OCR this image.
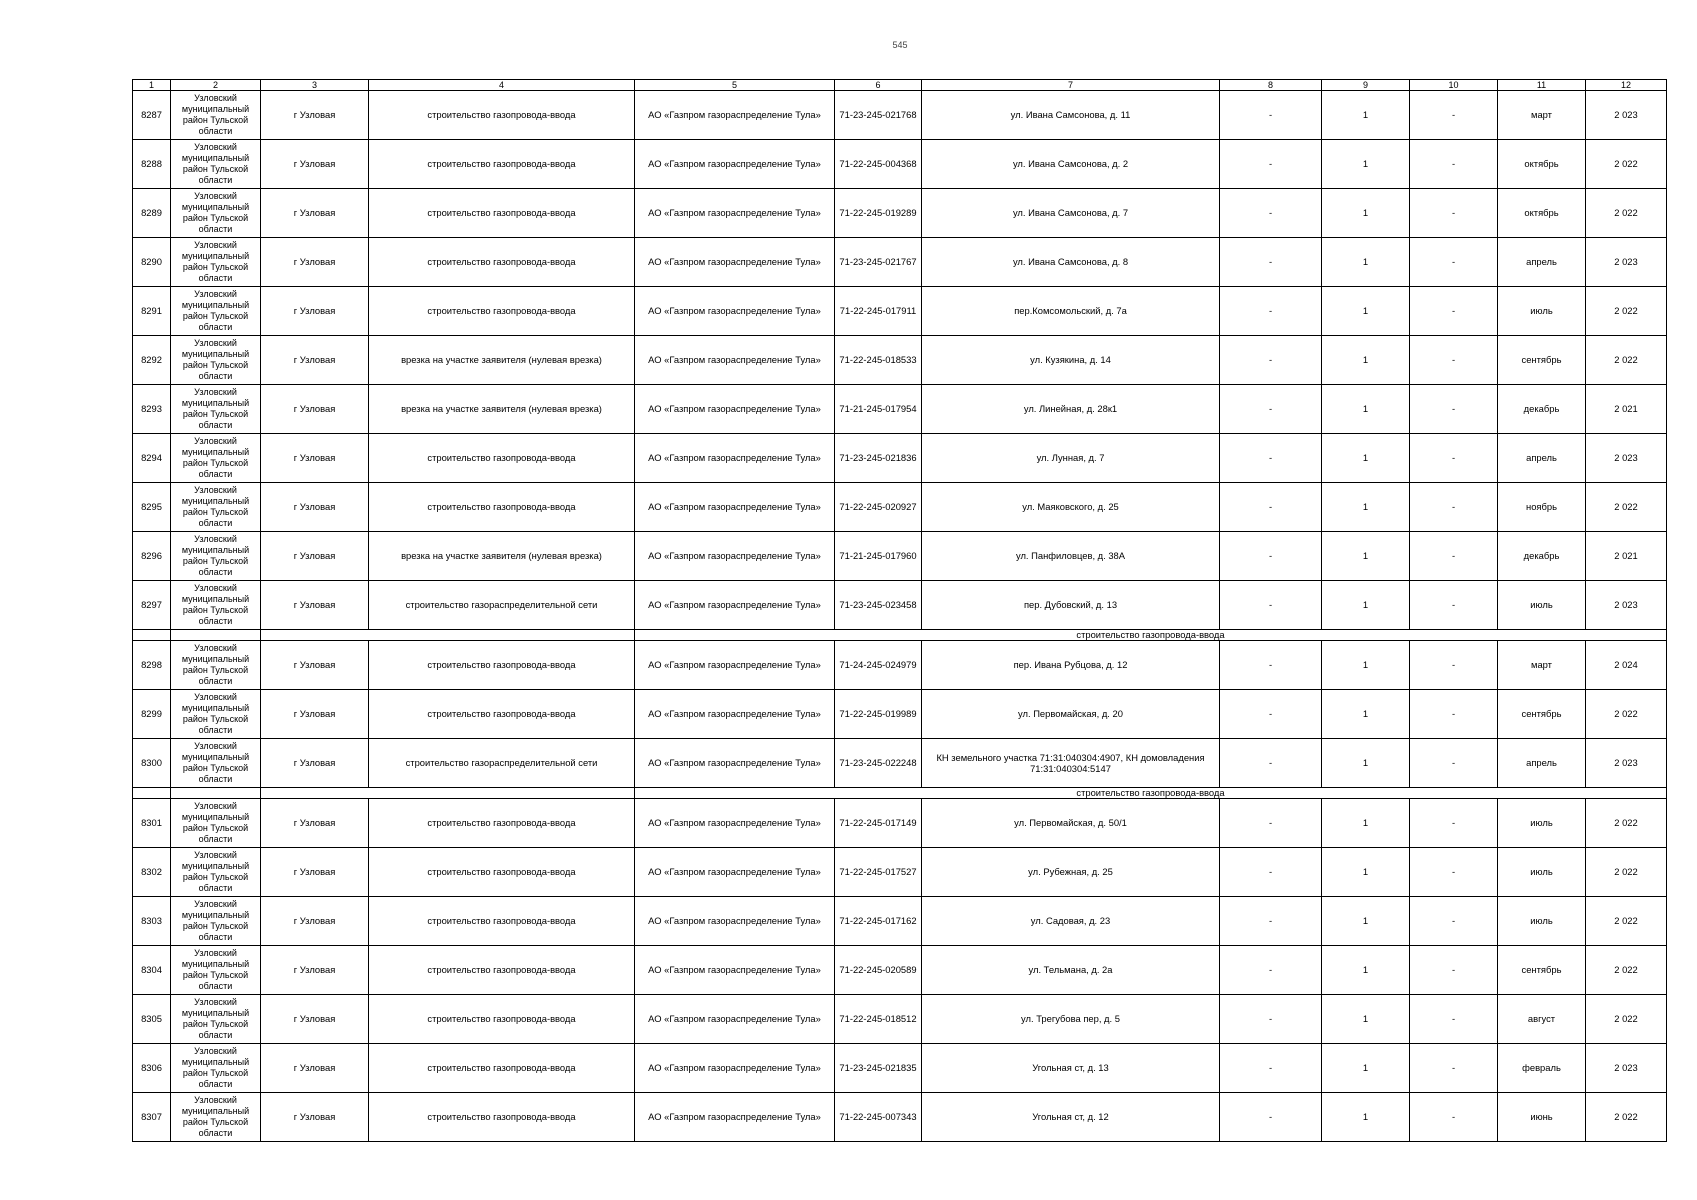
545
1	2	3	4	5	6	7	8	9	10	11	12
8287	Узловский муниципальный район Тульской области	г Узловая	строительство газопровода-ввода	АО «Газпром газораспределение Тула»	71-23-245-021768	ул. Ивана Самсонова, д. 11	-	1	-	март	2 023
8288	Узловский муниципальный район Тульской области	г Узловая	строительство газопровода-ввода	АО «Газпром газораспределение Тула»	71-22-245-004368	ул. Ивана Самсонова, д. 2	-	1	-	октябрь	2 022
8289	Узловский муниципальный район Тульской области	г Узловая	строительство газопровода-ввода	АО «Газпром газораспределение Тула»	71-22-245-019289	ул. Ивана Самсонова, д. 7	-	1	-	октябрь	2 022
8290	Узловский муниципальный район Тульской области	г Узловая	строительство газопровода-ввода	АО «Газпром газораспределение Тула»	71-23-245-021767	ул. Ивана Самсонова, д. 8	-	1	-	апрель	2 023
8291	Узловский муниципальный район Тульской области	г Узловая	строительство газопровода-ввода	АО «Газпром газораспределение Тула»	71-22-245-017911	пер.Комсомольский, д. 7а	-	1	-	июль	2 022
8292	Узловский муниципальный район Тульской области	г Узловая	врезка на участке заявителя (нулевая врезка)	АО «Газпром газораспределение Тула»	71-22-245-018533	ул. Кузякина, д. 14	-	1	-	сентябрь	2 022
8293	Узловский муниципальный район Тульской области	г Узловая	врезка на участке заявителя (нулевая врезка)	АО «Газпром газораспределение Тула»	71-21-245-017954	ул. Линейная, д. 28к1	-	1	-	декабрь	2 021
8294	Узловский муниципальный район Тульской области	г Узловая	строительство газопровода-ввода	АО «Газпром газораспределение Тула»	71-23-245-021836	ул. Лунная, д. 7	-	1	-	апрель	2 023
8295	Узловский муниципальный район Тульской области	г Узловая	строительство газопровода-ввода	АО «Газпром газораспределение Тула»	71-22-245-020927	ул. Маяковского, д. 25	-	1	-	ноябрь	2 022
8296	Узловский муниципальный район Тульской области	г Узловая	врезка на участке заявителя (нулевая врезка)	АО «Газпром газораспределение Тула»	71-21-245-017960	ул. Панфиловцев, д. 38А	-	1	-	декабрь	2 021
8297	Узловский муниципальный район Тульской области	г Узловая	строительство газораспределительной сети	АО «Газпром газораспределение Тула»	71-23-245-023458	пер. Дубовский, д. 13	-	1	-	июль	2 023
				строительство газопровода-ввода							
8298	Узловский муниципальный район Тульской области	г Узловая	строительство газопровода-ввода	АО «Газпром газораспределение Тула»	71-24-245-024979	пер. Ивана Рубцова, д. 12	-	1	-	март	2 024
8299	Узловский муниципальный район Тульской области	г Узловая	строительство газопровода-ввода	АО «Газпром газораспределение Тула»	71-22-245-019989	ул. Первомайская, д. 20	-	1	-	сентябрь	2 022
8300	Узловский муниципальный район Тульской области	г Узловая	строительство газораспределительной сети	АО «Газпром газораспределение Тула»	71-23-245-022248	КН земельного участка 71:31:040304:4907, КН домовладения 71:31:040304:5147	-	1	-	апрель	2 023
				строительство газопровода-ввода							
8301	Узловский муниципальный район Тульской области	г Узловая	строительство газопровода-ввода	АО «Газпром газораспределение Тула»	71-22-245-017149	ул. Первомайская, д. 50/1	-	1	-	июль	2 022
8302	Узловский муниципальный район Тульской области	г Узловая	строительство газопровода-ввода	АО «Газпром газораспределение Тула»	71-22-245-017527	ул. Рубежная, д. 25	-	1	-	июль	2 022
8303	Узловский муниципальный район Тульской области	г Узловая	строительство газопровода-ввода	АО «Газпром газораспределение Тула»	71-22-245-017162	ул. Садовая, д. 23	-	1	-	июль	2 022
8304	Узловский муниципальный район Тульской области	г Узловая	строительство газопровода-ввода	АО «Газпром газораспределение Тула»	71-22-245-020589	ул. Тельмана, д. 2а	-	1	-	сентябрь	2 022
8305	Узловский муниципальный район Тульской области	г Узловая	строительство газопровода-ввода	АО «Газпром газораспределение Тула»	71-22-245-018512	ул. Трегубова пер, д. 5	-	1	-	август	2 022
8306	Узловский муниципальный район Тульской области	г Узловая	строительство газопровода-ввода	АО «Газпром газораспределение Тула»	71-23-245-021835	Угольная ст, д. 13	-	1	-	февраль	2 023
8307	Узловский муниципальный район Тульской области	г Узловая	строительство газопровода-ввода	АО «Газпром газораспределение Тула»	71-22-245-007343	Угольная ст, д. 12	-	1	-	июнь	2 022
